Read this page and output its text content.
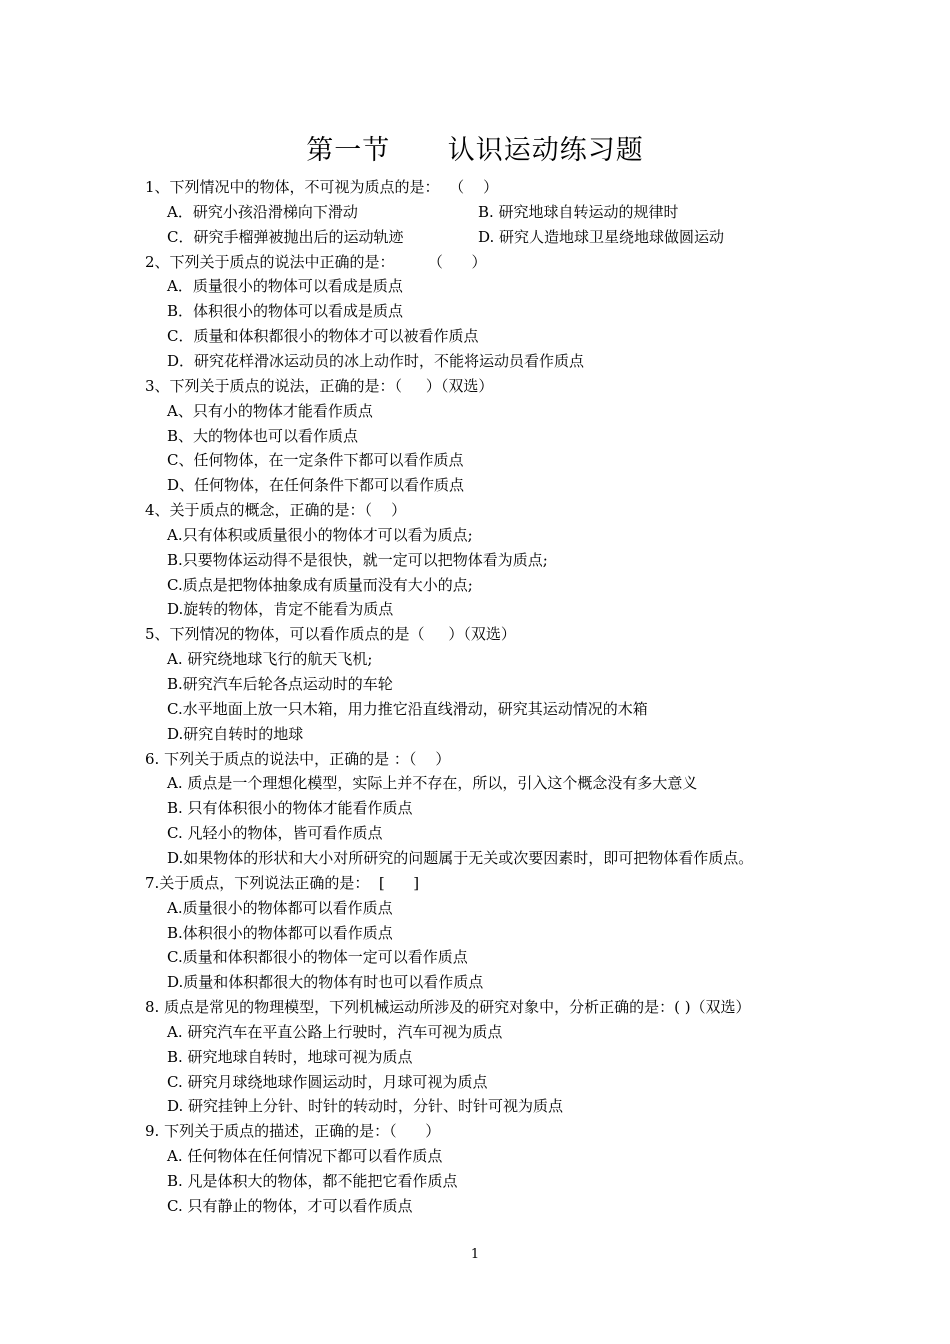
第一节      认识运动练习题
1、下列情况中的物体，不可视为质点的是：  （    ）
A．研究小孩沿滑梯向下滑动	B. 研究地球自转运动的规律时
C．研究手榴弹被抛出后的运动轨迹	D. 研究人造地球卫星绕地球做圆运动
2、下列关于质点的说法中正确的是：       （      ）
A．质量很小的物体可以看成是质点
B．体积很小的物体可以看成是质点
C．质量和体积都很小的物体才可以被看作质点
D．研究花样滑冰运动员的冰上动作时，不能将运动员看作质点
3、下列关于质点的说法，正确的是：（     ）（双选）
A、只有小的物体才能看作质点
B、大的物体也可以看作质点
C、任何物体，在一定条件下都可以看作质点
D、任何物体，在任何条件下都可以看作质点
4、关于质点的概念，正确的是：（    ）
A.只有体积或质量很小的物体才可以看为质点;
B.只要物体运动得不是很快，就一定可以把物体看为质点;
C.质点是把物体抽象成有质量而没有大小的点;
D.旋转的物体，肯定不能看为质点
5、下列情况的物体，可以看作质点的是（     ）（双选）
A. 研究绕地球飞行的航天飞机;
B.研究汽车后轮各点运动时的车轮
C.水平地面上放一只木箱，用力推它沿直线滑动，研究其运动情况的木箱
D.研究自转时的地球
6. 下列关于质点的说法中，正确的是 ：（    ）
A. 质点是一个理想化模型，实际上并不存在，所以，引入这个概念没有多大意义
B. 只有体积很小的物体才能看作质点
C. 凡轻小的物体，皆可看作质点
D.如果物体的形状和大小对所研究的问题属于无关或次要因素时，即可把物体看作质点。
7.关于质点，下列说法正确的是：  [      ]
A.质量很小的物体都可以看作质点
B.体积很小的物体都可以看作质点
C.质量和体积都很小的物体一定可以看作质点
D.质量和体积都很大的物体有时也可以看作质点
8. 质点是常见的物理模型，下列机械运动所涉及的研究对象中，分析正确的是：( )（双选）
A. 研究汽车在平直公路上行驶时，汽车可视为质点
B. 研究地球自转时，地球可视为质点
C. 研究月球绕地球作圆运动时，月球可视为质点
D. 研究挂钟上分针、时针的转动时，分针、时针可视为质点
9. 下列关于质点的描述，正确的是：（      ）
A. 任何物体在任何情况下都可以看作质点
B. 凡是体积大的物体，都不能把它看作质点
C. 只有静止的物体，才可以看作质点
1
